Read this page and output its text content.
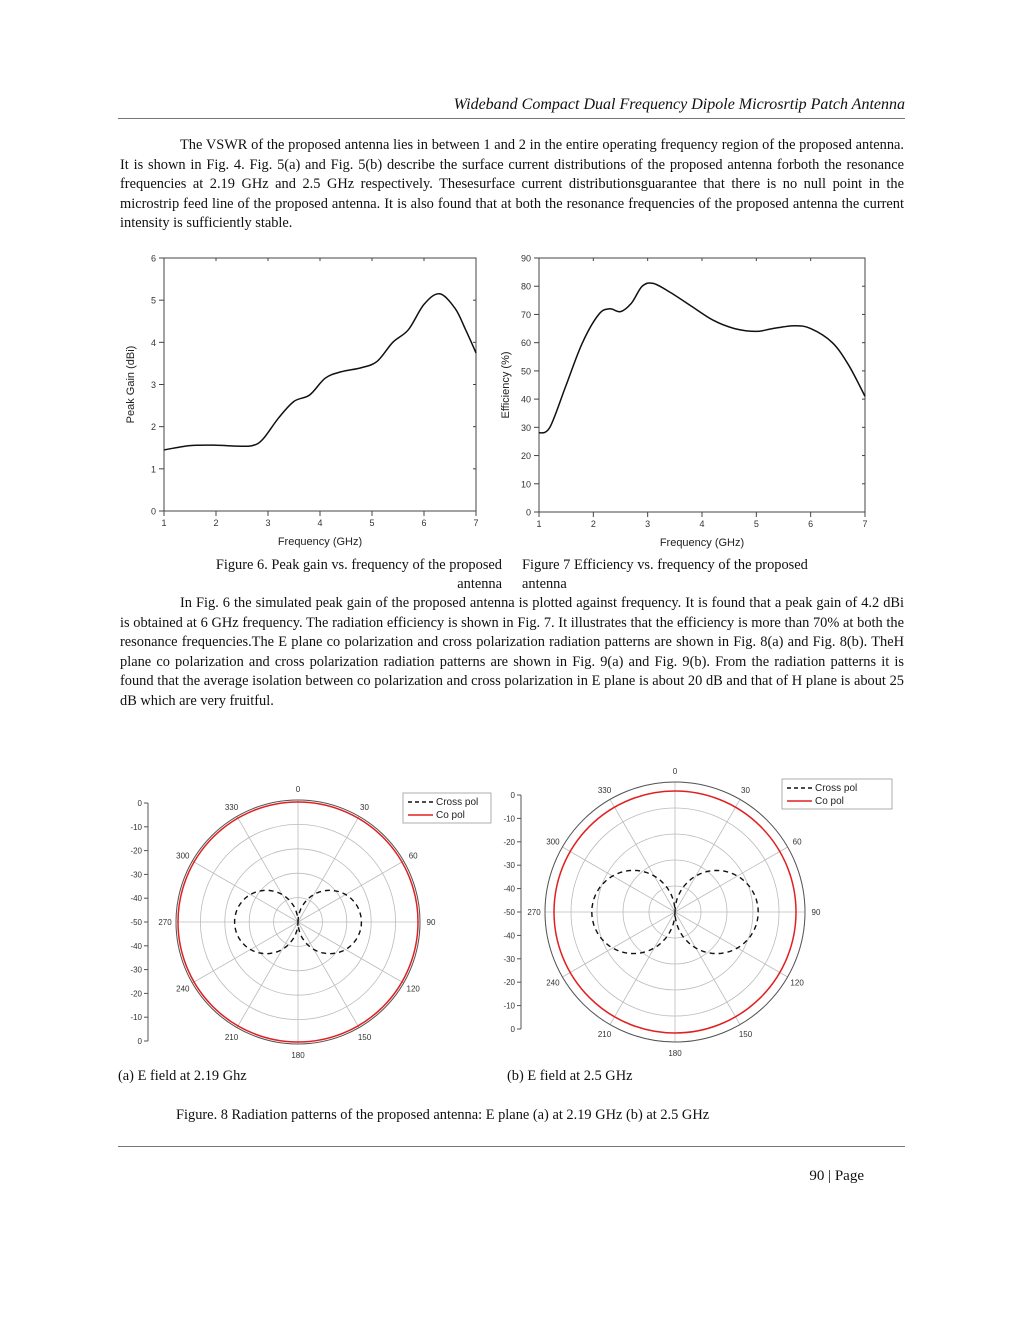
Wideband Compact Dual Frequency Dipole Microsrtip Patch Antenna

The VSWR of the proposed antenna lies in between 1 and 2 in the entire operating frequency region of the proposed antenna. It is shown in Fig. 4. Fig. 5(a) and Fig. 5(b) describe the surface current distributions of the proposed antenna forboth the resonance frequencies at 2.19 GHz and 2.5 GHz respectively. Thesesurface current distributionsguarantee that there is no null point in the microstrip feed line of the proposed antenna. It is also found that at both the resonance frequencies of the proposed antenna the current intensity is sufficiently stable.

0
1
2
3
4
5
6
1	2	3	4	5	6	7
Frequency (GHz)
Peak Gain (dBi)
0
10
20
30
40
50
60
70
80
90
1	2	3	4	5	6	7
Frequency (GHz)
Efficiency (%)
Figure 6. Peak gain vs. frequency of the proposed
antenna
Figure 7 Efficiency vs. frequency of the proposed
antenna

In Fig. 6 the simulated peak gain of the proposed antenna is plotted against frequency. It is found that a peak gain of 4.2 dBi is obtained at 6 GHz frequency. The radiation efficiency is shown in Fig. 7. It illustrates that the efficiency is more than 70% at both the resonance frequencies.The E plane co polarization and cross polarization radiation patterns are shown in Fig. 8(a) and Fig. 8(b). TheH plane co polarization and cross polarization radiation patterns are shown in Fig. 9(a) and Fig. 9(b). From the radiation patterns it is found that the average isolation between co polarization and cross polarization in E plane is about 20 dB and that of H plane is about 25 dB which are very fruitful.

0
30
60
90
120
150
180
210
240
270
300
330
0
-10
-20
-30
-40
-50
-40
-30
-20
-10
0
Cross pol
Co pol
0
30
60
90
120
150
180
210
240
270
300
330
0
-10
-20
-30
-40
-50
-40
-30
-20
-10
0
Cross pol
Co pol
(a) E field at 2.19 Ghz	(b) E field at 2.5 GHz
Figure. 8 Radiation patterns of the proposed antenna: E plane (a) at 2.19 GHz (b) at 2.5 GHz
90 | Page
